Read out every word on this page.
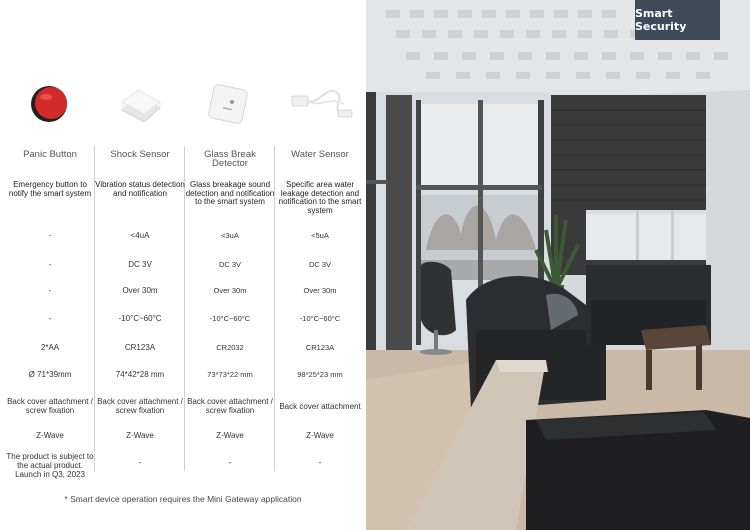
Panic Button
Emergency button to notify the smart system
-
-
-
-
2*AA
Ø 71*39mm
Back cover attachment / screw fixation
Z-Wave
The product is subject to the actual product. Launch in Q3, 2023
Shock Sensor
Vibration status detection and notification
<4uA
DC 3V
Over 30m
-10°C~60°C
CR123A
74*42*28 mm
Back cover attachment / screw fixation
Z-Wave
-
Glass Break Detector
Glass breakage sound detection and notification to the smart system
<3uA
DC 3V
Over 30m
-10°C~60°C
CR2032
73*73*22 mm
Back cover attachment / screw fixation
Z-Wave
-
Water Sensor
Specific area water leakage detection and notification to the smart system
<5uA
DC 3V
Over 30m
-10°C~60°C
CR123A
98*25*23 mm
Back cover attachment
Z-Wave
-
* Smart device operation requires the Mini Gateway application
Smart Security
